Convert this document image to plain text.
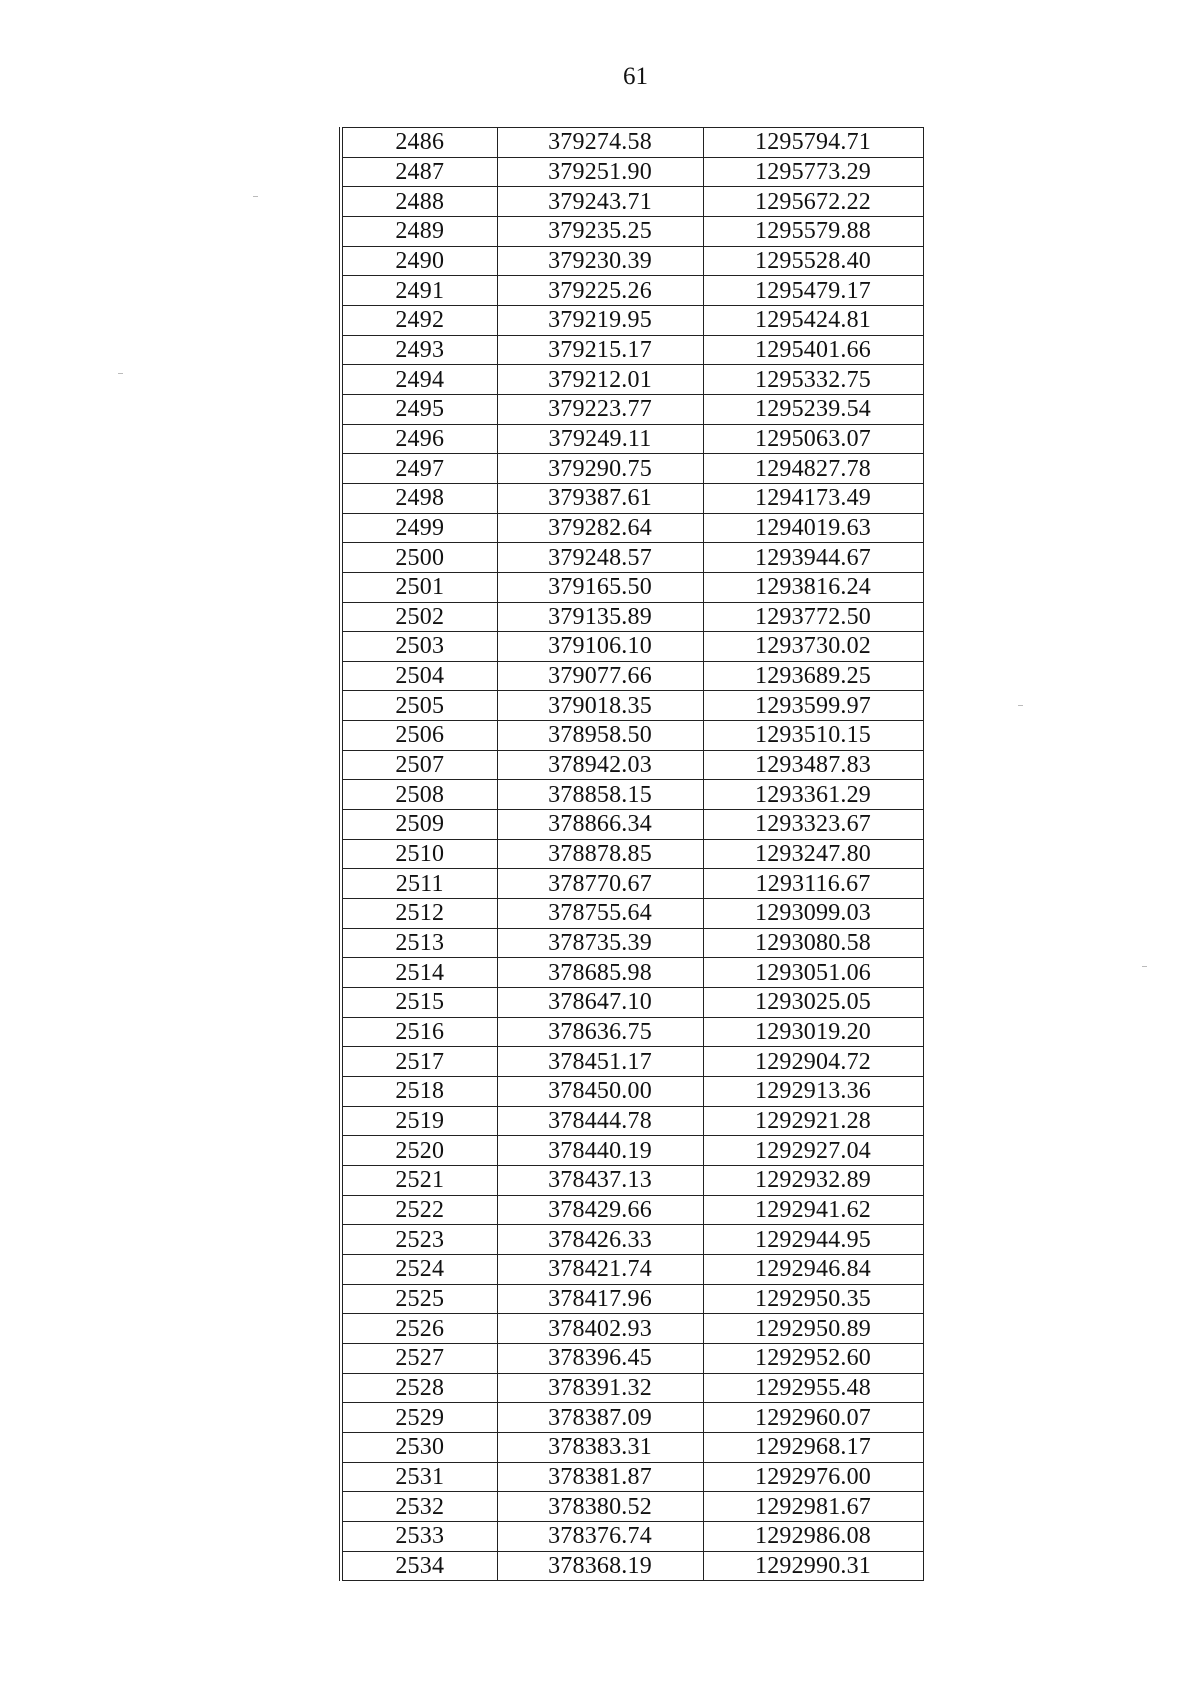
61
2486	379274.58	1295794.71
2487	379251.90	1295773.29
2488	379243.71	1295672.22
2489	379235.25	1295579.88
2490	379230.39	1295528.40
2491	379225.26	1295479.17
2492	379219.95	1295424.81
2493	379215.17	1295401.66
2494	379212.01	1295332.75
2495	379223.77	1295239.54
2496	379249.11	1295063.07
2497	379290.75	1294827.78
2498	379387.61	1294173.49
2499	379282.64	1294019.63
2500	379248.57	1293944.67
2501	379165.50	1293816.24
2502	379135.89	1293772.50
2503	379106.10	1293730.02
2504	379077.66	1293689.25
2505	379018.35	1293599.97
2506	378958.50	1293510.15
2507	378942.03	1293487.83
2508	378858.15	1293361.29
2509	378866.34	1293323.67
2510	378878.85	1293247.80
2511	378770.67	1293116.67
2512	378755.64	1293099.03
2513	378735.39	1293080.58
2514	378685.98	1293051.06
2515	378647.10	1293025.05
2516	378636.75	1293019.20
2517	378451.17	1292904.72
2518	378450.00	1292913.36
2519	378444.78	1292921.28
2520	378440.19	1292927.04
2521	378437.13	1292932.89
2522	378429.66	1292941.62
2523	378426.33	1292944.95
2524	378421.74	1292946.84
2525	378417.96	1292950.35
2526	378402.93	1292950.89
2527	378396.45	1292952.60
2528	378391.32	1292955.48
2529	378387.09	1292960.07
2530	378383.31	1292968.17
2531	378381.87	1292976.00
2532	378380.52	1292981.67
2533	378376.74	1292986.08
2534	378368.19	1292990.31
